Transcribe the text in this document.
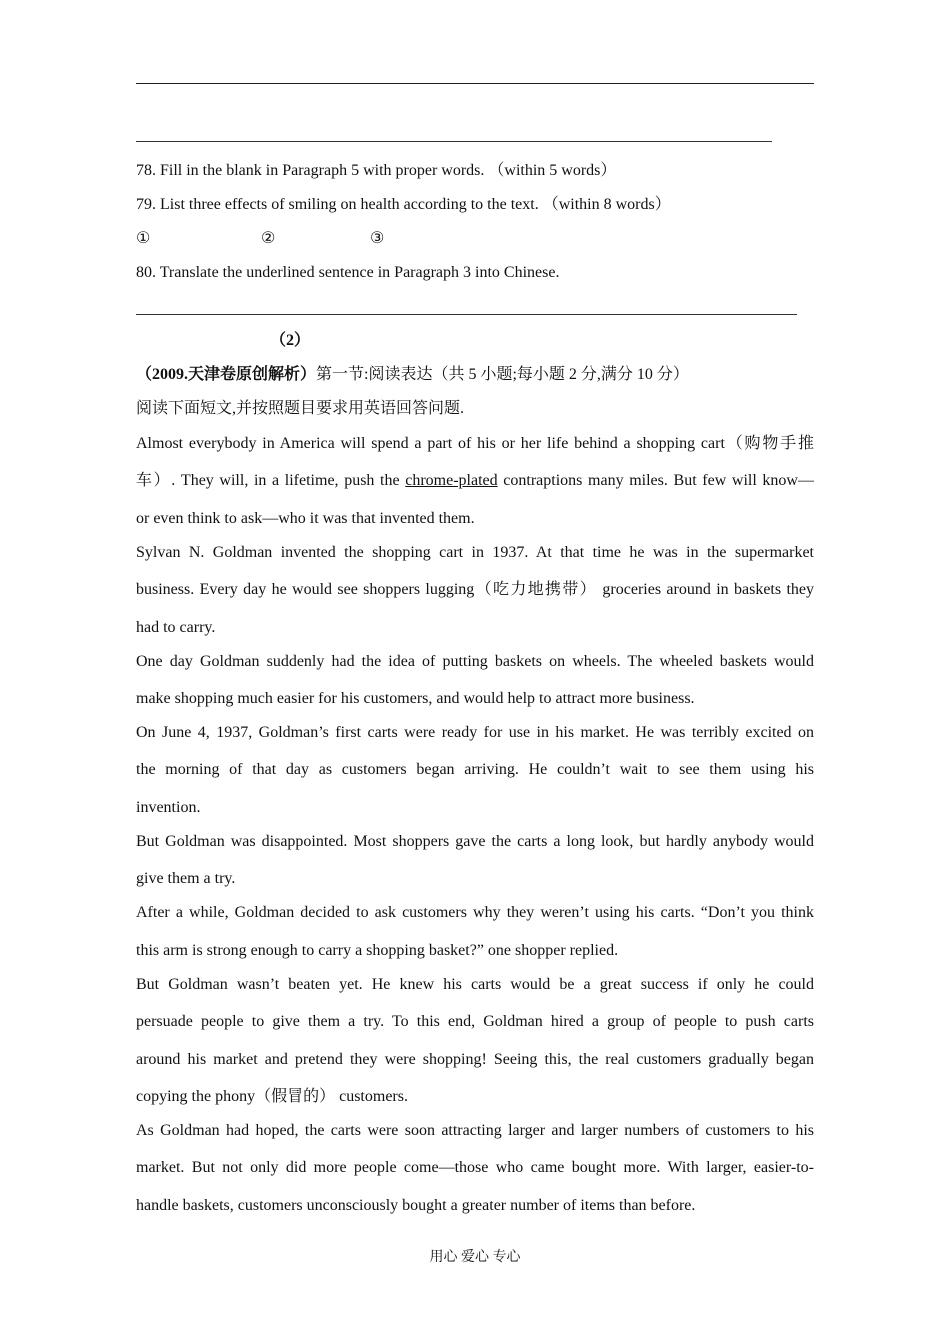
78. Fill in the blank in Paragraph 5 with proper words. （within 5 words）
79. List three effects of smiling on health according to the text. （within 8 words）
①	②	③
80. Translate the underlined sentence in Paragraph 3 into Chinese.
（2）
（2009.天津卷原创解析）第一节:阅读表达（共 5 小题;每小题 2 分,满分 10 分）
阅读下面短文,并按照题目要求用英语回答问题.
Almost everybody in America will spend a part of his or her life behind a shopping cart（购物手推
车）. They will, in a lifetime, push the chrome-plated contraptions many miles. But few will know—
or even think to ask—who it was that invented them.
Sylvan N. Goldman invented the shopping cart in 1937. At that time he was in the supermarket
business. Every day he would see shoppers lugging（吃力地携带） groceries around in baskets they
had to carry.
One day Goldman suddenly had the idea of putting baskets on wheels. The wheeled baskets would
make shopping much easier for his customers, and would help to attract more business.
On June 4, 1937, Goldman’s first carts were ready for use in his market. He was terribly excited on
the morning of that day as customers began arriving. He couldn’t wait to see them using his
invention.
But Goldman was disappointed. Most shoppers gave the carts a long look, but hardly anybody would
give them a try.
After a while, Goldman decided to ask customers why they weren’t using his carts. “Don’t you think
this arm is strong enough to carry a shopping basket?” one shopper replied.
But Goldman wasn’t beaten yet. He knew his carts would be a great success if only he could
persuade people to give them a try. To this end, Goldman hired a group of people to push carts
around his market and pretend they were shopping! Seeing this, the real customers gradually began
copying the phony（假冒的） customers.
As Goldman had hoped, the carts were soon attracting larger and larger numbers of customers to his
market. But not only did more people come—those who came bought more. With larger, easier-to-
handle baskets, customers unconsciously bought a greater number of items than before.
用心 爱心 专心
